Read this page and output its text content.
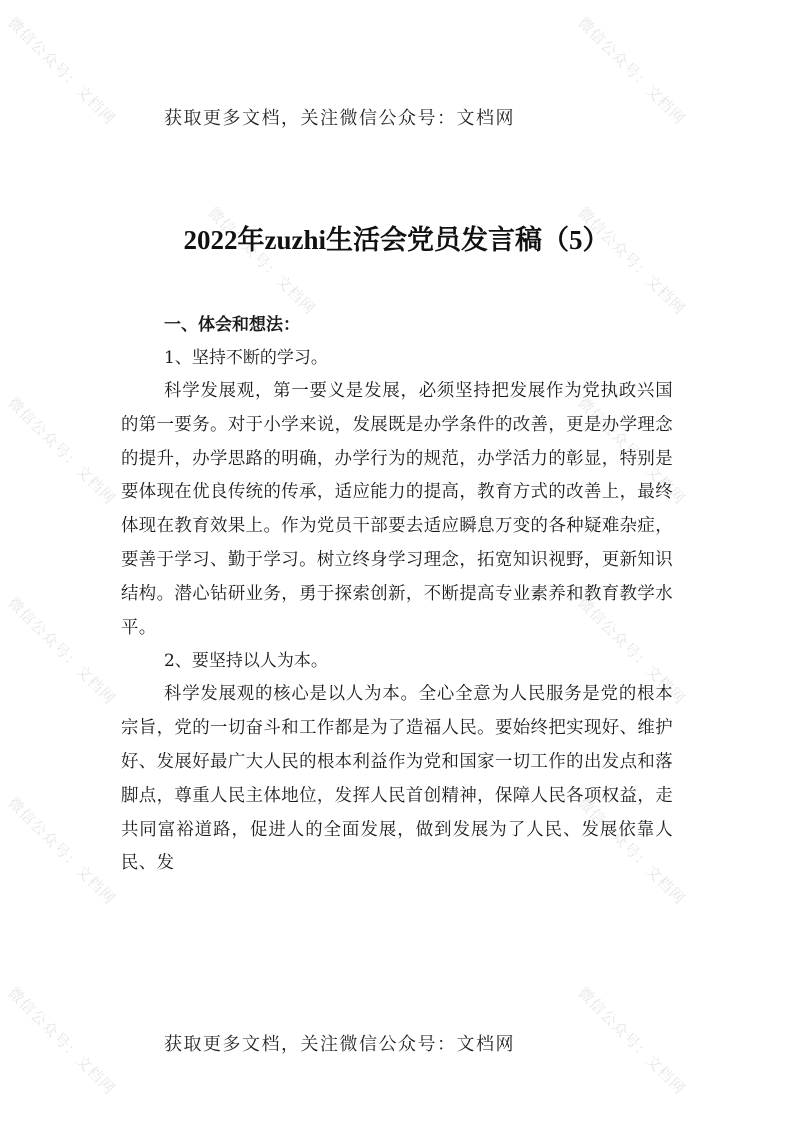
微信公众号：文档网	微信公众号：文档网
微信公众号：文档网	微信公众号：文档网
微信公众号：文档网	微信公众号：文档网
微信公众号：文档网	微信公众号：文档网
微信公众号：文档网	微信公众号：文档网
微信公众号：文档网	微信公众号：文档网
获取更多文档，关注微信公众号：文档网
2022年zuzhi生活会党员发言稿（5）
一、体会和想法：
1、坚持不断的学习。

科学发展观，第一要义是发展，必须坚持把发展作为党执政兴国的第一要务。对于小学来说，发展既是办学条件的改善，更是办学理念的提升，办学思路的明确，办学行为的规范，办学活力的彰显，特别是要体现在优良传统的传承，适应能力的提高，教育方式的改善上，最终体现在教育效果上。作为党员干部要去适应瞬息万变的各种疑难杂症，要善于学习、勤于学习。树立终身学习理念，拓宽知识视野，更新知识结构。潜心钻研业务，勇于探索创新，不断提高专业素养和教育教学水平。

2、要坚持以人为本。

科学发展观的核心是以人为本。全心全意为人民服务是党的根本宗旨，党的一切奋斗和工作都是为了造福人民。要始终把实现好、维护好、发展好最广大人民的根本利益作为党和国家一切工作的出发点和落脚点，尊重人民主体地位，发挥人民首创精神，保障人民各项权益，走共同富裕道路，促进人的全面发展，做到发展为了人民、发展依靠人民、发

获取更多文档，关注微信公众号：文档网
